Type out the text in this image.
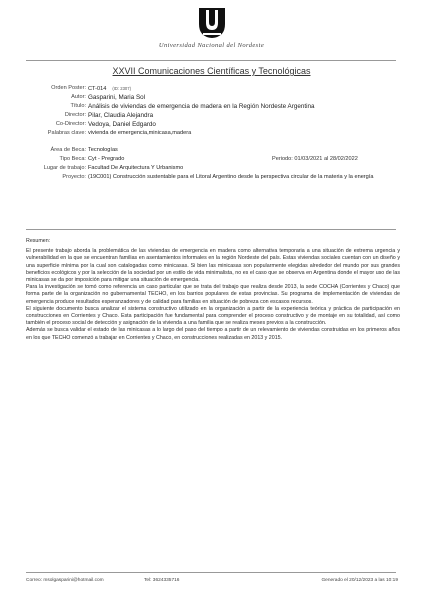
Universidad Nacional del Nordeste
XXVII Comunicaciones Científicas y Tecnológicas
Orden Poster: CT-014 (ID: 2307)
Autor: Gasparini, Maria Sol
Título: Análisis de viviendas de emergencia de madera en la Región Nordeste Argentina
Director: Pilar, Claudia Alejandra
Co-Director: Vedoya, Daniel Edgardo
Palabras clave: vivienda de emergencia,minicasa,madera
Área de Beca: Tecnologías
Tipo Beca: Cyt - Pregrado	Periodo: 01/03/2021 al 28/02/2022
Lugar de trabajo: Facultad De Arquitectura Y Urbanismo
Proyecto: (19C001) Construcción sustentable para el Litoral Argentino desde la perspectiva circular de la materia y la energía
Resumen:

El presente trabajo aborda la problemática de las viviendas de emergencia en madera como alternativa temporaria a una situación de extrema urgencia y vulnerabilidad en la que se encuentran familias en asentamientos informales en la región Nordeste del país. Estas viviendas sociales cuentan con un diseño y una superficie mínima por la cual son catalogadas como minicasas. Si bien las minicasas son popularmente elegidas alrededor del mundo por sus grandes beneficios ecológicos y por la selección de la sociedad por un estilo de vida minimalista, no es el caso que se observa en Argentina donde el mayor uso de las minicasas se da por imposición para mitigar una situación de emergencia.
Para la investigación se tomó como referencia un caso particular que se trata del trabajo que realiza desde 2013, la sede COCHA (Corrientes y Chaco) que forma parte de la organización no gubernamental TECHO, en los barrios populares de estas provincias. Su programa de implementación de viviendas de emergencia produce resultados esperanzadores y de calidad para familias en situación de pobreza con escasos recursos.
El siguiente documento busca analizar el sistema constructivo utilizado en la organización a partir de la experiencia teórica y práctica de participación en construcciones en Corrientes y Chaco. Esta participación fue fundamental para comprender el proceso constructivo y de montaje en su totalidad, así como también el proceso social de detección y asignación de la vivienda a una familia que se realiza meses previos a la construcción.
Además se busca validar el estado de las minicasas a lo largo del paso del tiempo a partir de un relevamiento de viviendas construidas en los primeros años en los que TECHO comenzó a trabajar en Corrientes y Chaco, en construcciones realizadas en 2013 y 2015.

Correo: msolgasparini@hotmail.com	Tel: 3624335716	Generado el 20/12/2023 a las 10:19
